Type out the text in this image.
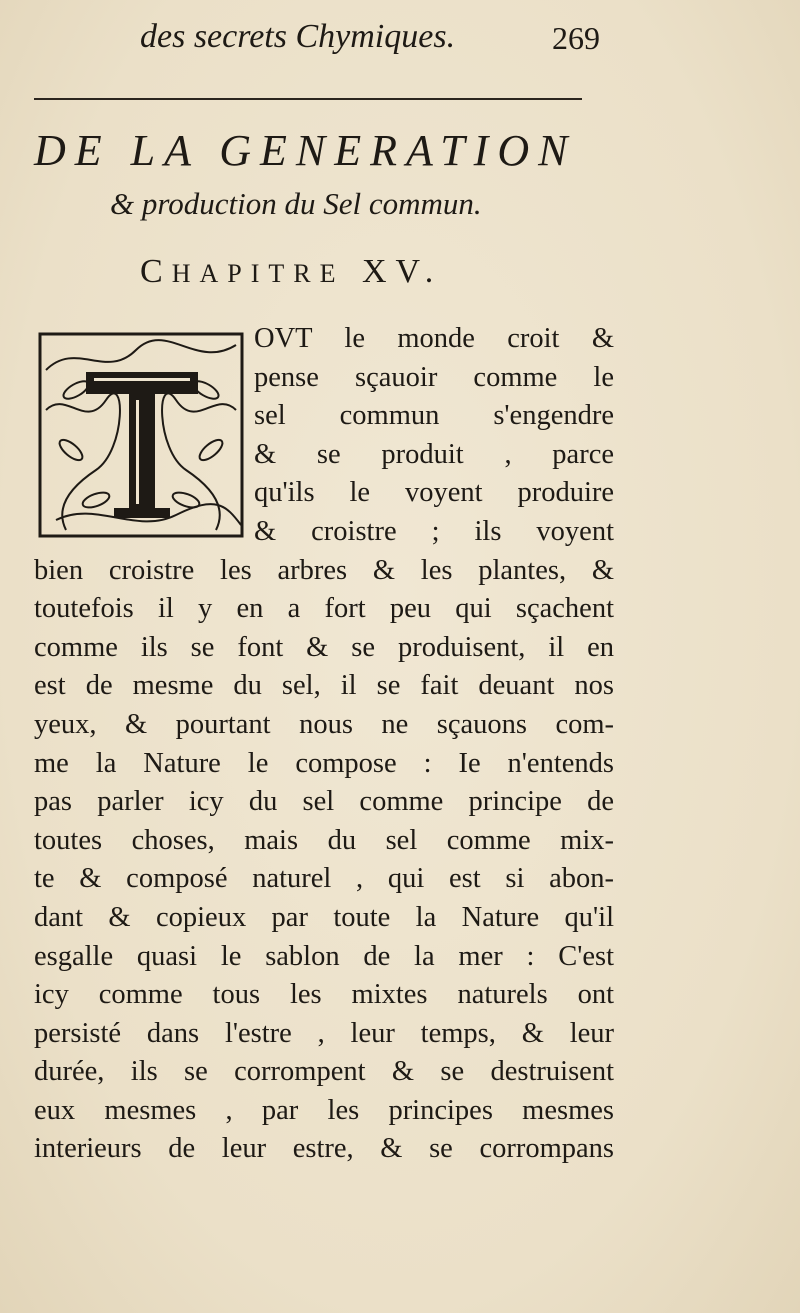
des secrets Chymiques.	269
DE LA GENERATION
& production du Sel commun.
CHAPITRE XV.
OVT le monde croit &
pense sçauoir comme le
sel commun s'engendre
& se produit , parce
qu'ils le voyent produire
& croistre ; ils voyent
bien croistre les arbres & les plantes, &
toutefois il y en a fort peu qui sçachent
comme ils se font & se produisent, il en
est de mesme du sel, il se fait deuant nos
yeux, & pourtant nous ne sçauons com-
me la Nature le compose : Ie n'entends
pas parler icy du sel comme principe de
toutes choses, mais du sel comme mix-
te & composé naturel , qui est si abon-
dant & copieux par toute la Nature qu'il
esgalle quasi le sablon de la mer : C'est
icy comme tous les mixtes naturels ont
persisté dans l'estre , leur temps, & leur
durée, ils se corrompent & se destruisent
eux mesmes , par les principes mesmes
interieurs de leur estre, & se corrompans
